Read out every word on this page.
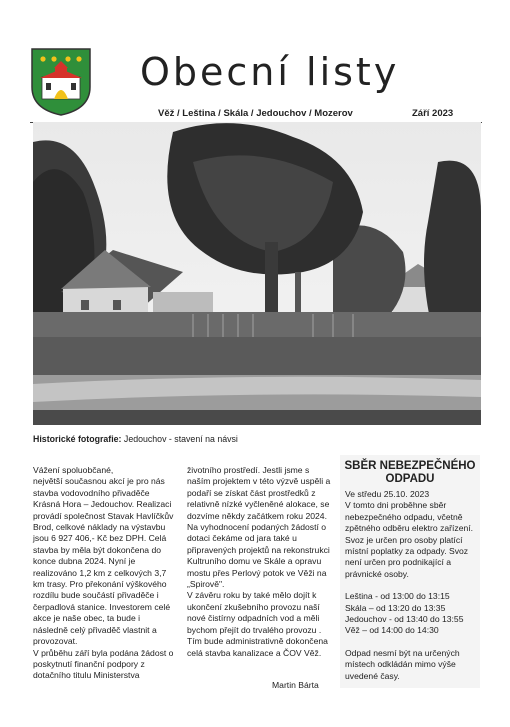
Obecní listy
Věž / Leština / Skála / Jedouchov / Mozerov	Září 2023
Historické fotografie: Jedouchov - stavení na návsi

Vážení spoluobčané,

největší současnou akcí je pro nás stavba vodovodního přivaděče Krásná Hora – Jedouchov. Realizaci provádí společnost Stavak Havlíčkův Brod, celkové náklady na výstavbu jsou 6 927 406,- Kč bez DPH. Celá stavba by měla být dokončena do konce dubna 2024. Nyní je realizováno 1,2 km z celkových 3,7 km trasy. Pro překonání výškového rozdílu bude součástí přivaděče i čerpadlová stanice. Investorem celé akce je naše obec, ta bude i následně celý přivaděč vlastnit a provozovat.

V průběhu září byla podána žádost o poskytnutí finanční podpory z dotačního titulu Ministerstva

životního prostředí. Jestli jsme s naším projektem v této výzvě uspěli a podaří se získat část prostředků z relativně nízké vyčleněné alokace, se dozvíme někdy začátkem roku 2024.

Na vyhodnocení podaných žádostí o dotaci čekáme od jara také u připravených projektů na rekonstrukci Kultruního domu ve Skále a opravu mostu přes Perlový potok ve Věži na „Spirově".

V závěru roku by také mělo dojít k ukončení zkušebního provozu naší nové čistírny odpadních vod a měli bychom přejít do trvalého provozu . Tím bude administrativně dokončena celá stavba kanalizace a ČOV Věž.

Martin Bárta
SBĚR NEBEZPEČNÉHO ODPADU

Ve středu 25.10. 2023

V tomto dni proběhne sběr nebezpečného odpadu, včetně zpětného odběru elektro zařízení. Svoz je určen pro osoby platící místní poplatky za odpady. Svoz není určen pro podnikající a právnické osoby.

Leština - od 13:00 do 13:15

Skála – od 13:20 do 13:35

Jedouchov - od 13:40 do 13:55

Věž – od 14:00 do 14:30

Odpad nesmí být na určených místech odkládán mimo výše uvedené časy.
